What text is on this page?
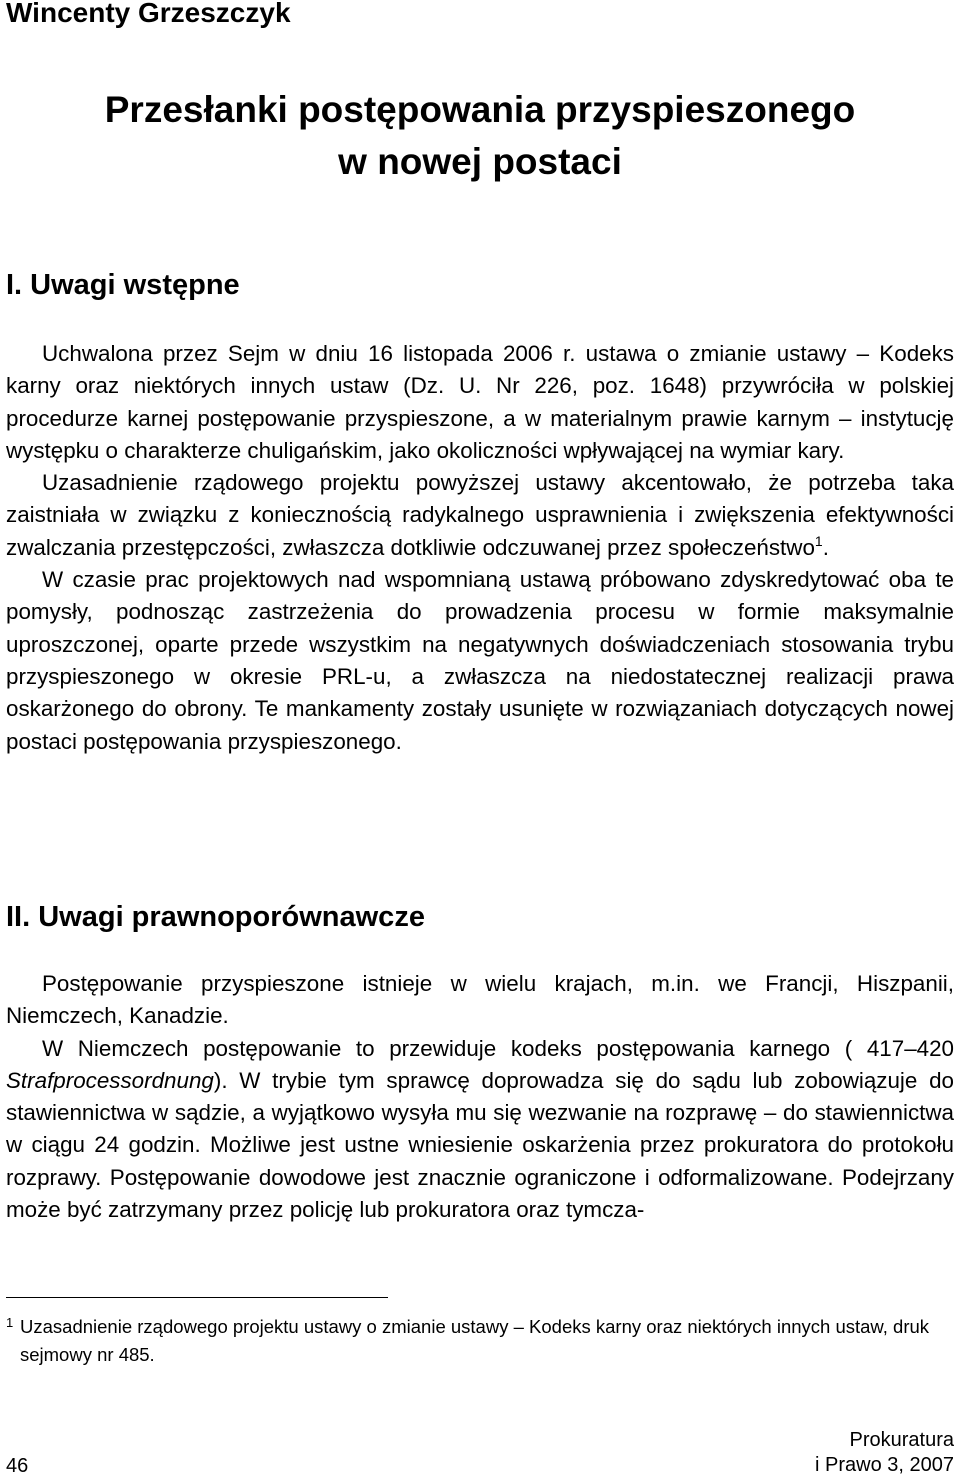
Wincenty Grzeszczyk
Przesłanki postępowania przyspieszonego
w nowej postaci
I. Uwagi wstępne

Uchwalona przez Sejm w dniu 16 listopada 2006 r. ustawa o zmianie ustawy – Kodeks karny oraz niektórych innych ustaw (Dz. U. Nr 226, poz. 1648) przywróciła w polskiej procedurze karnej postępowanie przyspieszone, a w materialnym prawie karnym – instytucję występku o charakterze chuligańskim, jako okoliczności wpływającej na wymiar kary.

Uzasadnienie rządowego projektu powyższej ustawy akcentowało, że potrzeba taka zaistniała w związku z koniecznością radykalnego usprawnienia i zwiększenia efektywności zwalczania przestępczości, zwłaszcza dotkliwie odczuwanej przez społeczeństwo$^1$.

W czasie prac projektowych nad wspomnianą ustawą próbowano zdyskredytować oba te pomysły, podnosząc zastrzeżenia do prowadzenia procesu w formie maksymalnie uproszczonej, oparte przede wszystkim na negatywnych doświadczeniach stosowania trybu przyspieszonego w okresie PRL-u, a zwłaszcza na niedostatecznej realizacji prawa oskarżonego do obrony. Te mankamenty zostały usunięte w rozwiązaniach dotyczących nowej postaci postępowania przyspieszonego.

II. Uwagi prawnoporównawcze

Postępowanie przyspieszone istnieje w wielu krajach, m.in. we Francji, Hiszpanii, Niemczech, Kanadzie.

W Niemczech postępowanie to przewiduje kodeks postępowania karnego ( 417–420 Strafprocessordnung). W trybie tym sprawcę doprowadza się do sądu lub zobowiązuje do stawiennictwa w sądzie, a wyjątkowo wysyła mu się wezwanie na rozprawę – do stawiennictwa w ciągu 24 godzin. Możliwe jest ustne wniesienie oskarżenia przez prokuratora do protokołu rozprawy. Postępowanie dowodowe jest znacznie ograniczone i odformalizowane. Podejrzany może być zatrzymany przez policję lub prokuratora oraz tymcza-

1 Uzasadnienie rządowego projektu ustawy o zmianie ustawy – Kodeks karny oraz niektórych innych ustaw, druk sejmowy nr 485.
46
Prokuratura
i Prawo 3, 2007
